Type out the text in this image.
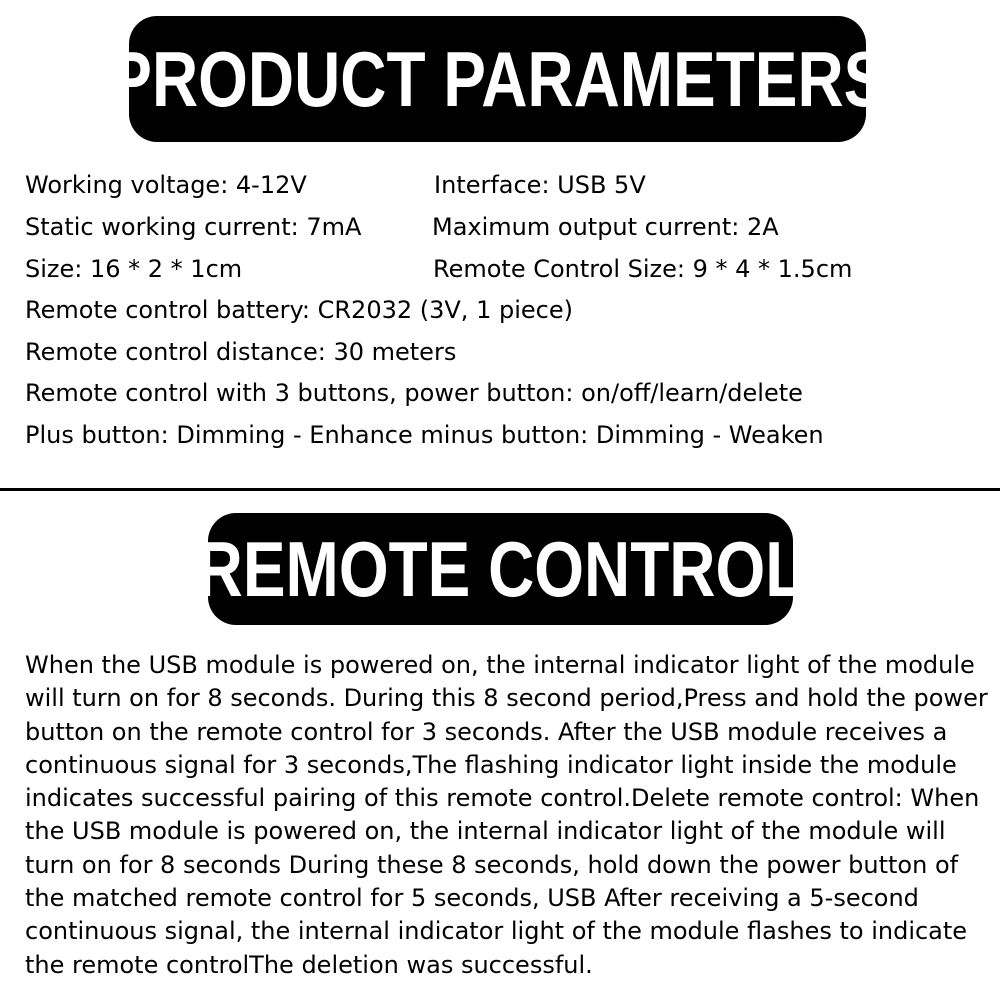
PRODUCT PARAMETERS
Working voltage: 4-12V	Interface: USB 5V
Static working current: 7mA	Maximum output current: 2A
Size: 16 * 2 * 1cm	Remote Control Size: 9 * 4 * 1.5cm
Remote control battery: CR2032 (3V, 1 piece)
Remote control distance: 30 meters
Remote control with 3 buttons, power button: on/off/learn/delete
Plus button: Dimming - Enhance minus button: Dimming - Weaken
REMOTE CONTROL

When the USB module is powered on, the internal indicator light of the module will turn on for 8 seconds. During this 8 second period,Press and hold the power button on the remote control for 3 seconds. After the USB module receives a continuous signal for 3 seconds,The flashing indicator light inside the module indicates successful pairing of this remote control.Delete remote control: When the USB module is powered on, the internal indicator light of the module will turn on for 8 seconds During these 8 seconds, hold down the power button of the matched remote control for 5 seconds, USB After receiving a 5-second continuous signal, the internal indicator light of the module flashes to indicate the remote controlThe deletion was successful.
